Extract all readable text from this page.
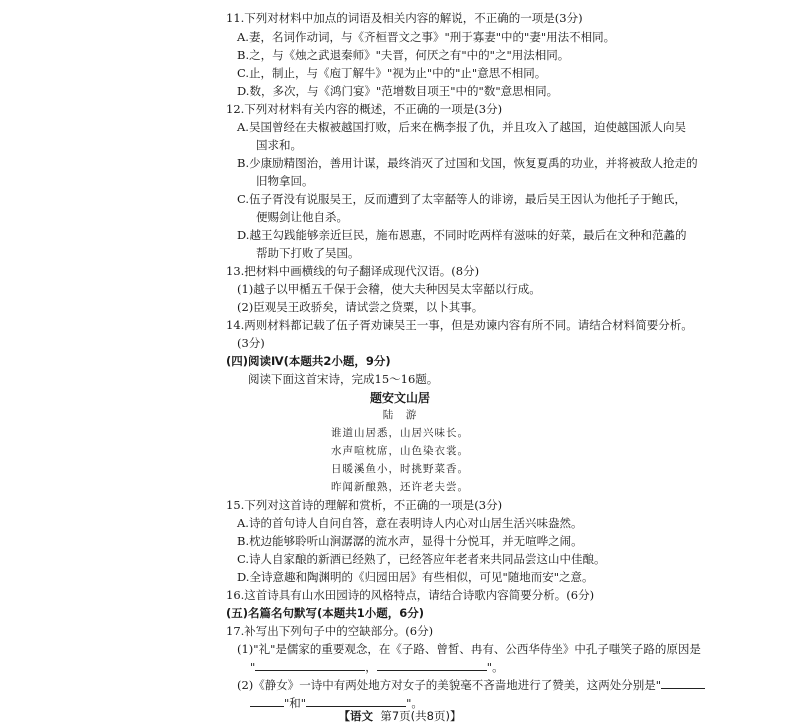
11.下列对材料中加点的词语及相关内容的解说，不正确的一项是(3分)
A.妻，名词作动词，与《齐桓晋文之事》"刑于寡妻"中的"妻"用法不相同。
B.之，与《烛之武退秦师》"夫晋，何厌之有"中的"之"用法相同。
C.止，制止，与《庖丁解牛》"视为止"中的"止"意思不相同。
D.数，多次，与《鸿门宴》"范增数目项王"中的"数"意思相同。
12.下列对材料有关内容的概述，不正确的一项是(3分)
A.吴国曾经在夫椒被越国打败，后来在檇李报了仇，并且攻入了越国，迫使越国派人向吴
国求和。
B.少康励精图治，善用计谋，最终消灭了过国和戈国，恢复夏禹的功业，并将被敌人抢走的
旧物拿回。
C.伍子胥没有说服吴王，反而遭到了太宰嚭等人的诽谤，最后吴王因认为他托子于鲍氏，
便赐剑让他自杀。
D.越王勾践能够亲近巨民，施布恩惠，不同时吃两样有滋味的好菜，最后在文种和范蠡的
帮助下打败了吴国。
13.把材料中画横线的句子翻译成现代汉语。(8分)
(1)越子以甲楯五千保于会稽，使大夫种因吴太宰嚭以行成。
(2)臣观吴王政骄矣，请试尝之贷粟，以卜其事。
14.两则材料都记载了伍子胥劝谏吴王一事，但是劝谏内容有所不同。请结合材料简要分析。
(3分)
(四)阅读Ⅳ(本题共2小题，9分)
阅读下面这首宋诗，完成15～16题。
题安文山居
陆　游
谁道山居悉，山居兴味长。
水声喧枕席，山色染衣裳。
日暖溪鱼小，时挑野菜香。
昨闻新酿熟，还许老夫尝。
15.下列对这首诗的理解和赏析，不正确的一项是(3分)
A.诗的首句诗人自问自答，意在表明诗人内心对山居生活兴味盎然。
B.枕边能够聆听山涧潺潺的流水声，显得十分悦耳，并无喧哗之闹。
C.诗人自家酿的新酒已经熟了，已经答应年老者来共同品尝这山中佳酿。
D.全诗意趣和陶渊明的《归园田居》有些相似，可见"随地而安"之意。
16.这首诗具有山水田园诗的风格特点，请结合诗歌内容简要分析。(6分)
(五)名篇名句默写(本题共1小题，6分)
17.补写出下列句子中的空缺部分。(6分)
(1)"礼"是儒家的重要观念，在《子路、曾皙、冉有、公西华侍坐》中孔子嗤笑子路的原因是
"	，	"。
(2)《静女》一诗中有两处地方对女子的美貌毫不吝啬地进行了赞美，这两处分别是"
"和"	"。
【语文 第7页(共8页)】
